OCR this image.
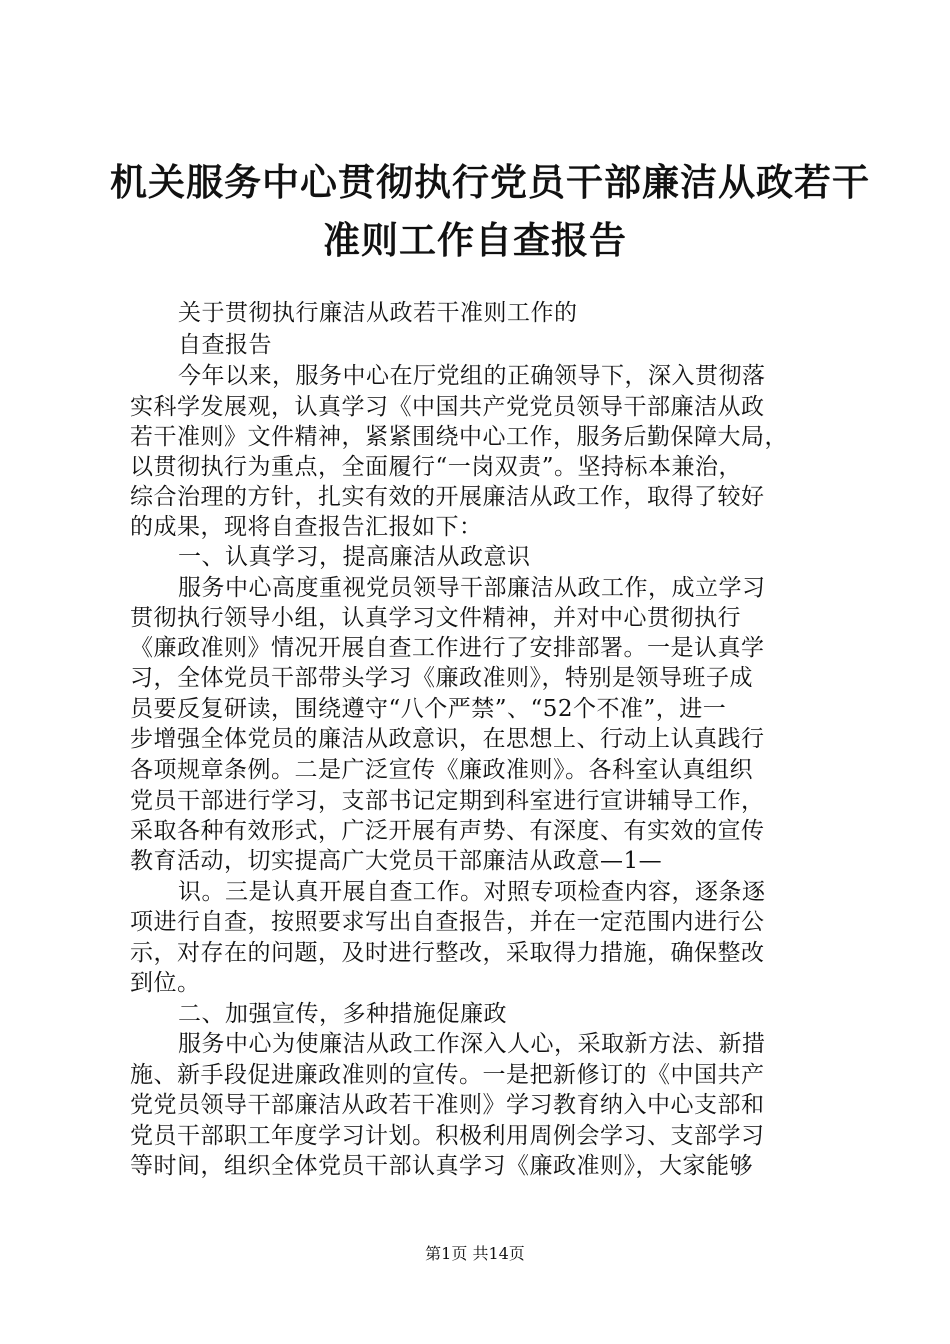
机关服务中心贯彻执行党员干部廉洁从政若干
准则工作自查报告
关于贯彻执行廉洁从政若干准则工作的
自查报告
今年以来，服务中心在厅党组的正确领导下，深入贯彻落
实科学发展观，认真学习《中国共产党党员领导干部廉洁从政
若干准则》文件精神，紧紧围绕中心工作，服务后勤保障大局，
以贯彻执行为重点，全面履行“一岗双责”。坚持标本兼治，
综合治理的方针，扎实有效的开展廉洁从政工作，取得了较好
的成果，现将自查报告汇报如下：
一、认真学习，提高廉洁从政意识
服务中心高度重视党员领导干部廉洁从政工作，成立学习
贯彻执行领导小组，认真学习文件精神，并对中心贯彻执行
《廉政准则》情况开展自查工作进行了安排部署。一是认真学
习，全体党员干部带头学习《廉政准则》，特别是领导班子成
员要反复研读，围绕遵守“八个严禁”、“52个不准”，进一
步增强全体党员的廉洁从政意识，在思想上、行动上认真践行
各项规章条例。二是广泛宣传《廉政准则》。各科室认真组织
党员干部进行学习，支部书记定期到科室进行宣讲辅导工作，
采取各种有效形式，广泛开展有声势、有深度、有实效的宣传
教育活动，切实提高广大党员干部廉洁从政意—1—
识。三是认真开展自查工作。对照专项检查内容，逐条逐
项进行自查，按照要求写出自查报告，并在一定范围内进行公
示，对存在的问题，及时进行整改，采取得力措施，确保整改
到位。
二、加强宣传，多种措施促廉政
服务中心为使廉洁从政工作深入人心，采取新方法、新措
施、新手段促进廉政准则的宣传。一是把新修订的《中国共产
党党员领导干部廉洁从政若干准则》学习教育纳入中心支部和
党员干部职工年度学习计划。积极利用周例会学习、支部学习
等时间，组织全体党员干部认真学习《廉政准则》，大家能够
第1页 共14页
